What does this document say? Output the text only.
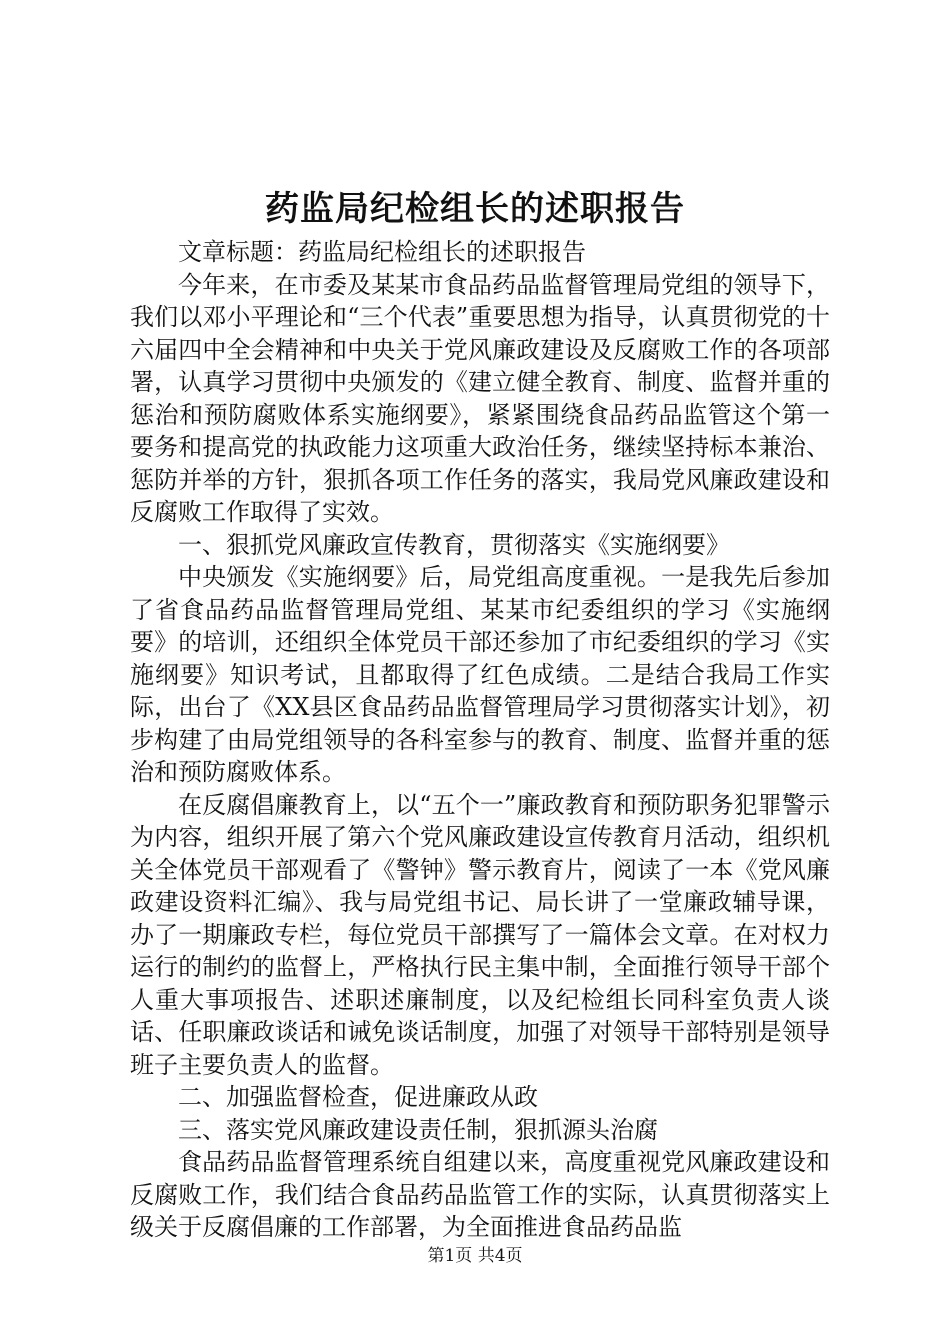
药监局纪检组长的述职报告

文章标题：药监局纪检组长的述职报告

今年来，在市委及某某市食品药品监督管理局党组的领导下，我们以邓小平理论和“三个代表”重要思想为指导，认真贯彻党的十六届四中全会精神和中央关于党风廉政建设及反腐败工作的各项部署，认真学习贯彻中央颁发的《建立健全教育、制度、监督并重的惩治和预防腐败体系实施纲要》，紧紧围绕食品药品监管这个第一要务和提高党的执政能力这项重大政治任务，继续坚持标本兼治、惩防并举的方针，狠抓各项工作任务的落实，我局党风廉政建设和反腐败工作取得了实效。

一、狠抓党风廉政宣传教育，贯彻落实《实施纲要》

中央颁发《实施纲要》后，局党组高度重视。一是我先后参加了省食品药品监督管理局党组、某某市纪委组织的学习《实施纲要》的培训，还组织全体党员干部还参加了市纪委组织的学习《实施纲要》知识考试，且都取得了红色成绩。二是结合我局工作实际，出台了《XX县区食品药品监督管理局学习贯彻落实计划》，初步构建了由局党组领导的各科室参与的教育、制度、监督并重的惩治和预防腐败体系。

在反腐倡廉教育上，以“五个一”廉政教育和预防职务犯罪警示为内容，组织开展了第六个党风廉政建设宣传教育月活动，组织机关全体党员干部观看了《警钟》警示教育片，阅读了一本《党风廉政建设资料汇编》、我与局党组书记、局长讲了一堂廉政辅导课，办了一期廉政专栏，每位党员干部撰写了一篇体会文章。在对权力运行的制约的监督上，严格执行民主集中制，全面推行领导干部个人重大事项报告、述职述廉制度，以及纪检组长同科室负责人谈话、任职廉政谈话和诫免谈话制度，加强了对领导干部特别是领导班子主要负责人的监督。

二、加强监督检查，促进廉政从政

三、落实党风廉政建设责任制，狠抓源头治腐

食品药品监督管理系统自组建以来，高度重视党风廉政建设和反腐败工作，我们结合食品药品监管工作的实际，认真贯彻落实上级关于反腐倡廉的工作部署，为全面推进食品药品监

第1页 共4页
